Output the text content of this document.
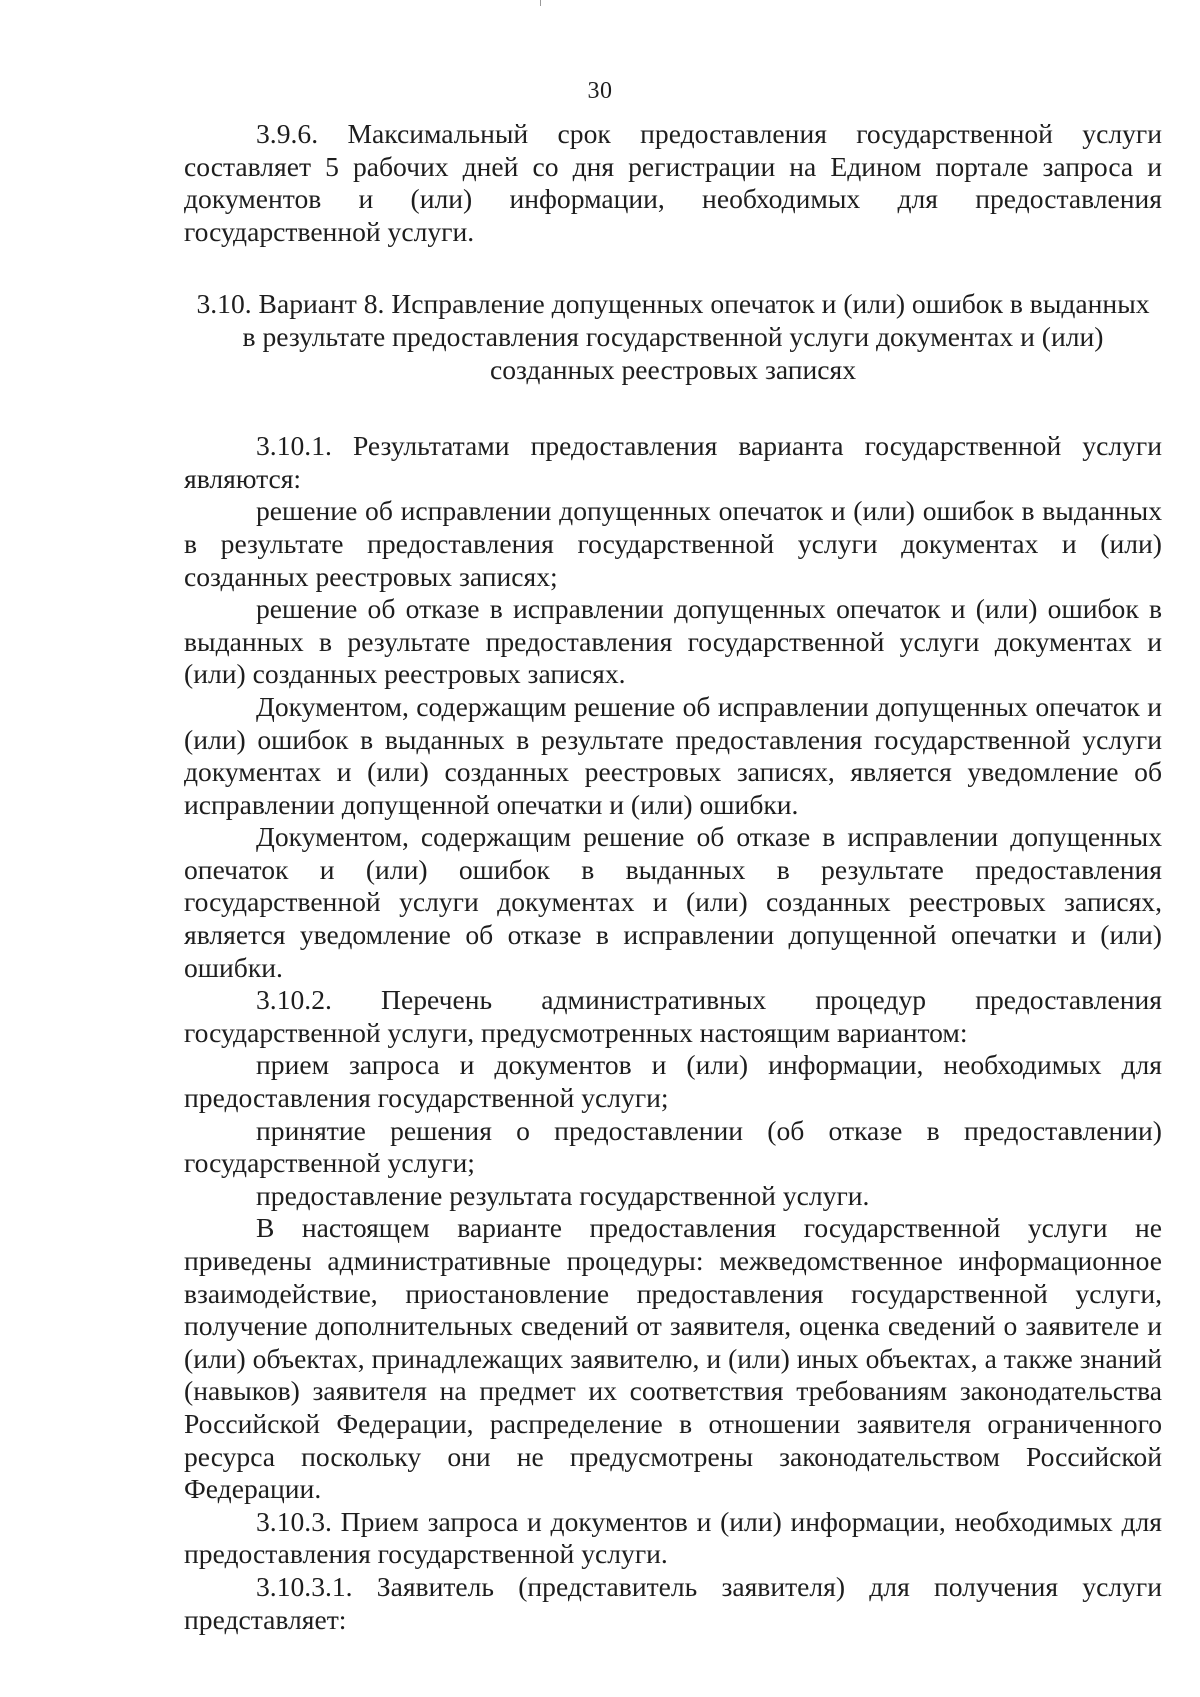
30

3.9.6. Максимальный срок предоставления государственной услуги составляет 5 рабочих дней со дня регистрации на Едином портале запроса и документов и (или) информации, необходимых для предоставления государственной услуги.

3.10. Вариант 8. Исправление допущенных опечаток и (или) ошибок в выданных в результате предоставления государственной услуги документах и (или) созданных реестровых записях

3.10.1. Результатами предоставления варианта государственной услуги являются:

решение об исправлении допущенных опечаток и (или) ошибок в выданных в результате предоставления государственной услуги документах и (или) созданных реестровых записях;

решение об отказе в исправлении допущенных опечаток и (или) ошибок в выданных в результате предоставления государственной услуги документах и (или) созданных реестровых записях.

Документом, содержащим решение об исправлении допущенных опечаток и (или) ошибок в выданных в результате предоставления государственной услуги документах и (или) созданных реестровых записях, является уведомление об исправлении допущенной опечатки и (или) ошибки.

Документом, содержащим решение об отказе в исправлении допущенных опечаток и (или) ошибок в выданных в результате предоставления государственной услуги документах и (или) созданных реестровых записях, является уведомление об отказе в исправлении допущенной опечатки и (или) ошибки.

3.10.2. Перечень административных процедур предоставления государственной услуги, предусмотренных настоящим вариантом:

прием запроса и документов и (или) информации, необходимых для предоставления государственной услуги;

принятие решения о предоставлении (об отказе в предоставлении) государственной услуги;

предоставление результата государственной услуги.

В настоящем варианте предоставления государственной услуги не приведены административные процедуры: межведомственное информационное взаимодействие, приостановление предоставления государственной услуги, получение дополнительных сведений от заявителя, оценка сведений о заявителе и (или) объектах, принадлежащих заявителю, и (или) иных объектах, а также знаний (навыков) заявителя на предмет их соответствия требованиям законодательства Российской Федерации, распределение в отношении заявителя ограниченного ресурса поскольку они не предусмотрены законодательством Российской Федерации.

3.10.3. Прием запроса и документов и (или) информации, необходимых для предоставления государственной услуги.

3.10.3.1. Заявитель (представитель заявителя) для получения услуги представляет:
